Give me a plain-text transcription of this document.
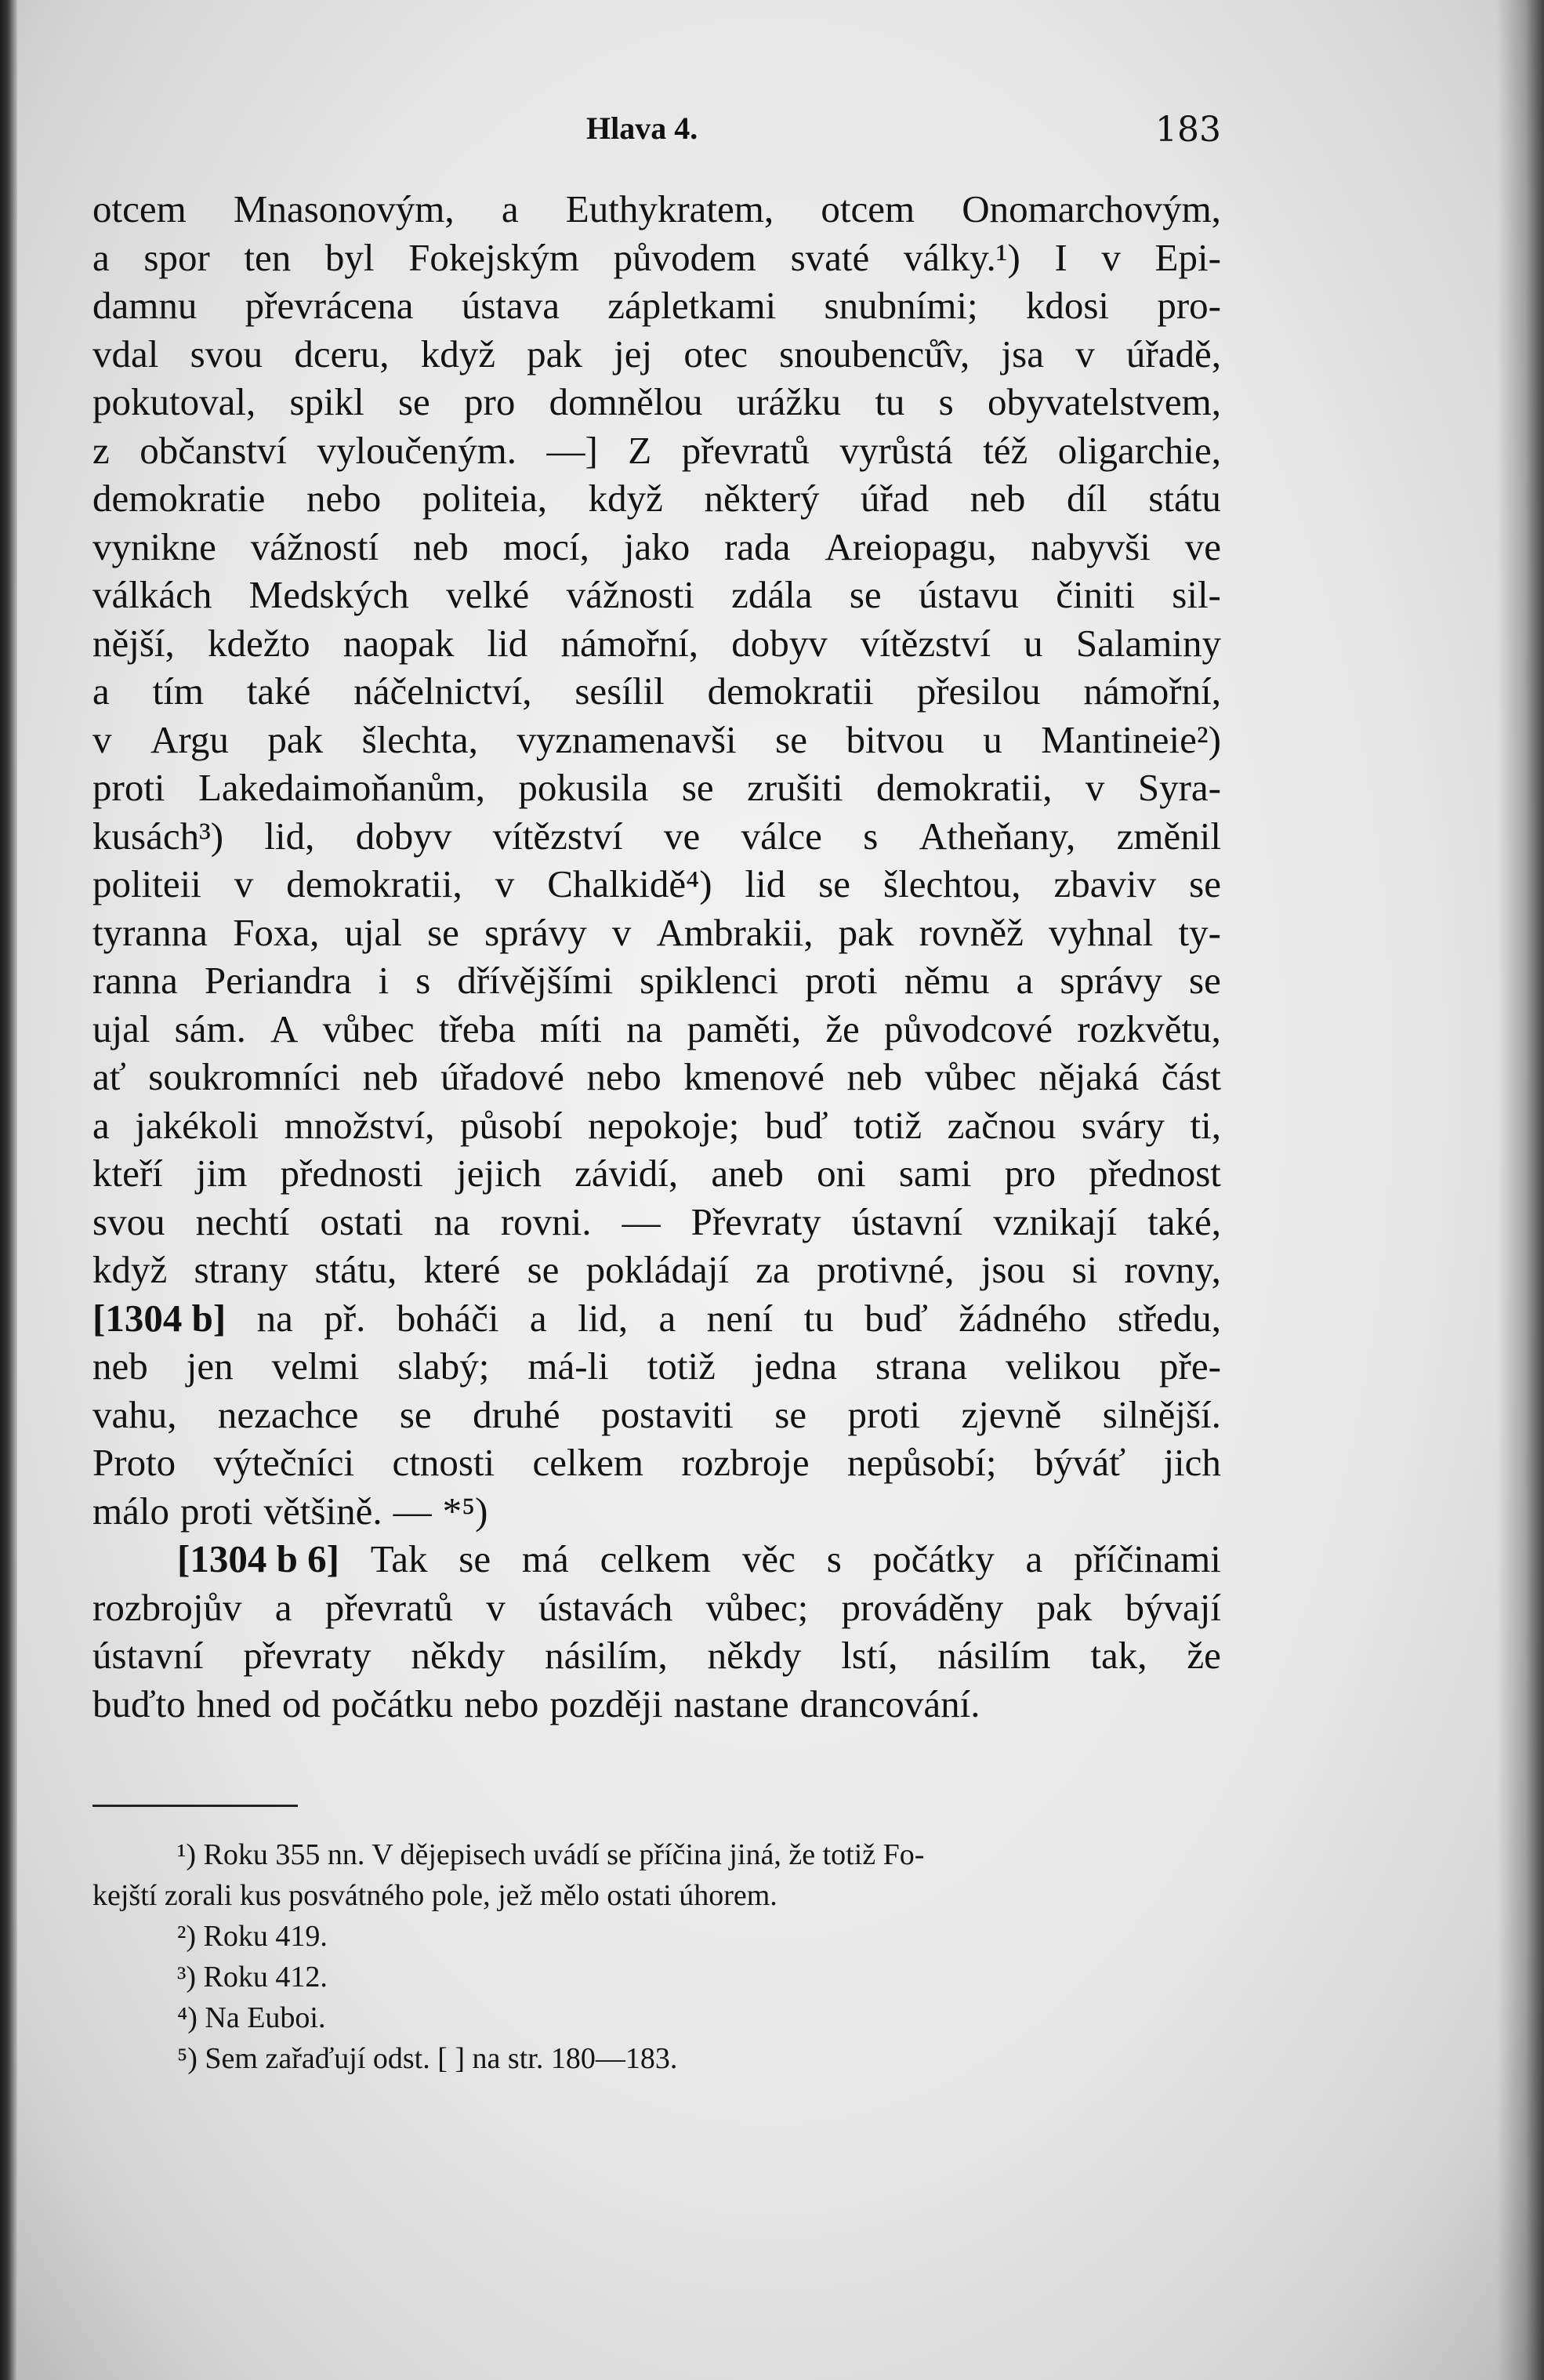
Hlava 4.	183
otcem Mnasonovým, a Euthykratem, otcem Onomarchovým,
a spor ten byl Fokejským původem svaté války.¹) I v Epi-
damnu převrácena ústava zápletkami snubními; kdosi pro-
vdal svou dceru, když pak jej otec snoubenců̂v, jsa v úřadě,
pokutoval, spikl se pro domnělou urážku tu s obyvatelstvem,
z občanství vyloučeným. —] Z převratů vyrůstá též oligarchie,
demokratie nebo politeia, když některý úřad neb díl státu
vynikne vážností neb mocí, jako rada Areiopagu, nabyvši ve
válkách Medských velké vážnosti zdála se ústavu činiti sil-
nější, kdežto naopak lid námořní, dobyv vítězství u Salaminy
a tím také náčelnictví, sesílil demokratii přesilou námořní,
v Argu pak šlechta, vyznamenavši se bitvou u Mantineie²)
proti Lakedaimoňanům, pokusila se zrušiti demokratii, v Syra-
kusách³) lid, dobyv vítězství ve válce s Atheňany, změnil
politeii v demokratii, v Chalkidě⁴) lid se šlechtou, zbaviv se
tyranna Foxa, ujal se správy v Ambrakii, pak rovněž vyhnal ty-
ranna Periandra i s dřívějšími spiklenci proti němu a správy se
ujal sám. A vůbec třeba míti na paměti, že původcové rozkvětu,
ať soukromníci neb úřadové nebo kmenové neb vůbec nějaká část
a jakékoli množství, působí nepokoje; buď totiž začnou sváry ti,
kteří jim přednosti jejich závidí, aneb oni sami pro přednost
svou nechtí ostati na rovni. — Převraty ústavní vznikají také,
když strany státu, které se pokládají za protivné, jsou si rovny,
[1304 b] na př. boháči a lid, a není tu buď žádného středu,
neb jen velmi slabý; má-li totiž jedna strana velikou pře-
vahu, nezachce se druhé postaviti se proti zjevně silnější.
Proto výtečníci ctnosti celkem rozbroje nepůsobí; býváť jich
málo proti většině. — *⁵)
[1304 b 6] Tak se má celkem věc s počátky a příčinami
rozbrojův a převratů v ústavách vůbec; prováděny pak bývají
ústavní převraty někdy násilím, někdy lstí, násilím tak, že
buďto hned od počátku nebo později nastane drancování.
¹) Roku 355 nn. V dějepisech uvádí se příčina jiná, že totiž Fo-
kejští zorali kus posvátného pole, jež mělo ostati úhorem.
²) Roku 419.
³) Roku 412.
⁴) Na Euboi.
⁵) Sem zařaďují odst. [ ] na str. 180—183.
